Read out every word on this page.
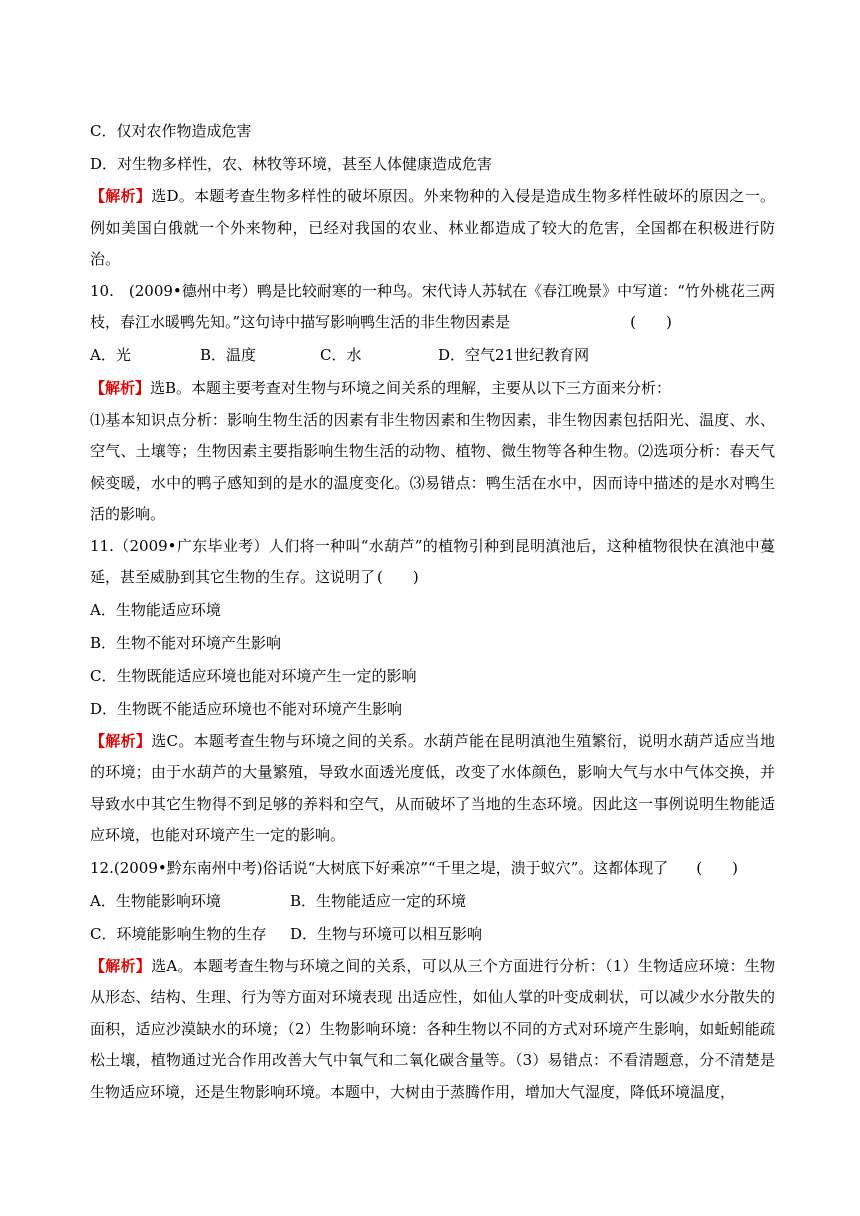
C．仅对农作物造成危害
D．对生物多样性，农、林牧等环境，甚至人体健康造成危害
【解析】选D。本题考查生物多样性的破坏原因。外来物种的入侵是造成生物多样性破坏的原因之一。例如美国白俄就一个外来物种，已经对我国的农业、林业都造成了较大的危害，全国都在积极进行防治。
10.　(2009•德州中考）鸭是比较耐寒的一种鸟。宋代诗人苏轼在《春江晚景》中写道：“竹外桃花三两枝，春江水暖鸭先知。”这句诗中描写影响鸭生活的非生物因素是	(　　)
A．光	B．温度	C．水	D．空气21世纪教育网
【解析】选B。本题主要考查对生物与环境之间关系的理解，主要从以下三方面来分析：
⑴基本知识点分析：影响生物生活的因素有非生物因素和生物因素，非生物因素包括阳光、温度、水、空气、土壤等；生物因素主要指影响生物生活的动物、植物、微生物等各种生物。⑵选项分析：春天气候变暖，水中的鸭子感知到的是水的温度变化。⑶易错点：鸭生活在水中，因而诗中描述的是水对鸭生活的影响。
11.（2009•广东毕业考）人们将一种叫“水葫芦”的植物引种到昆明滇池后，这种植物很快在滇池中蔓延，甚至威胁到其它生物的生存。这说明了 (　　)
A．生物能适应环境
B．生物不能对环境产生影响
C．生物既能适应环境也能对环境产生一定的影响
D．生物既不能适应环境也不能对环境产生影响
【解析】选C。本题考查生物与环境之间的关系。水葫芦能在昆明滇池生殖繁衍，说明水葫芦适应当地的环境；由于水葫芦的大量繁殖，导致水面透光度低，改变了水体颜色，影响大气与水中气体交换，并导致水中其它生物得不到足够的养料和空气，从而破坏了当地的生态环境。因此这一事例说明生物能适应环境，也能对环境产生一定的影响。
12.(2009•黔东南州中考)俗话说“大树底下好乘凉”“千里之堤，溃于蚁穴”。这都体现了 (　　)
A．生物能影响环境	B．生物能适应一定的环境
C．环境能影响生物的生存	D．生物与环境可以相互影响
【解析】选A。本题考查生物与环境之间的关系，可以从三个方面进行分析：（1）生物适应环境：生物从形态、结构、生理、行为等方面对环境表现 出适应性，如仙人掌的叶变成刺状，可以减少水分散失的面积，适应沙漠缺水的环境；（2）生物影响环境：各种生物以不同的方式对环境产生影响，如蚯蚓能疏松土壤，植物通过光合作用改善大气中氧气和二氧化碳含量等。（3）易错点：不看清题意，分不清楚是生物适应环境，还是生物影响环境。本题中，大树由于蒸腾作用，增加大气湿度，降低环境温度，
